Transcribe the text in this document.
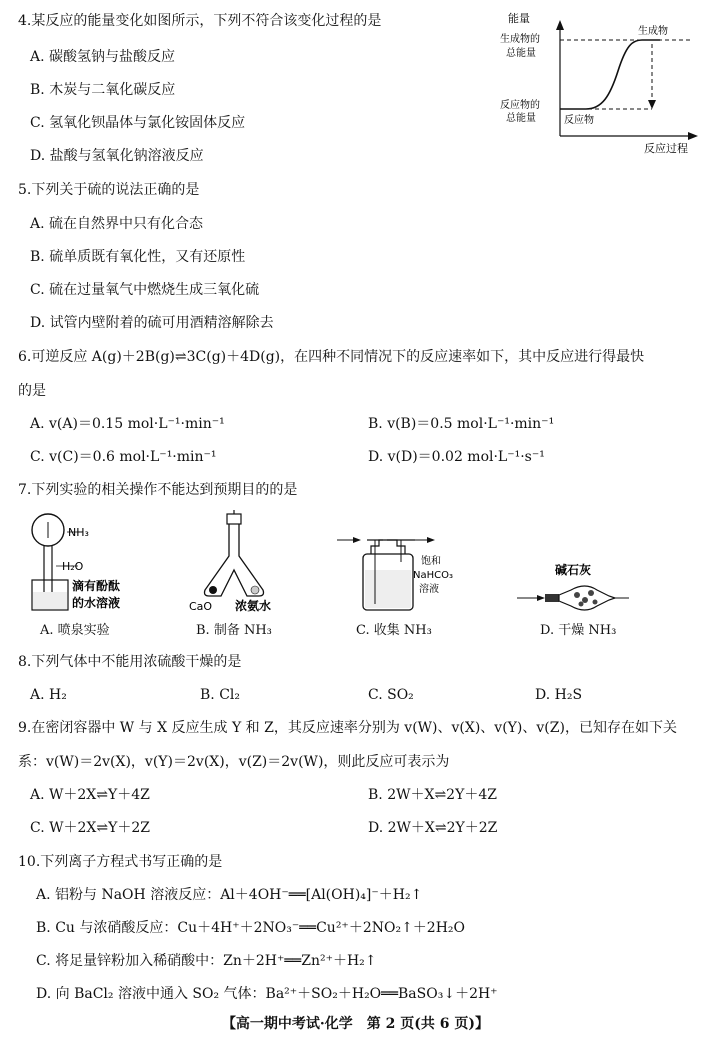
4.某反应的能量变化如图所示，下列不符合该变化过程的是
A. 碳酸氢钠与盐酸反应
B. 木炭与二氧化碳反应
C. 氢氧化钡晶体与氯化铵固体反应
D. 盐酸与氢氧化钠溶液反应
能量
生成物的
总能量
反应物的
总能量
生成物
反应物
反应过程
5.下列关于硫的说法正确的是
A. 硫在自然界中只有化合态
B. 硫单质既有氧化性，又有还原性
C. 硫在过量氧气中燃烧生成三氧化硫
D. 试管内壁附着的硫可用酒精溶解除去
6.可逆反应 A(g)＋2B(g)⇌3C(g)＋4D(g)，在四种不同情况下的反应速率如下，其中反应进行得最快
的是
A. v(A)＝0.15 mol·L⁻¹·min⁻¹	B. v(B)＝0.5 mol·L⁻¹·min⁻¹
C. v(C)＝0.6 mol·L⁻¹·min⁻¹	D. v(D)＝0.02 mol·L⁻¹·s⁻¹
7.下列实验的相关操作不能达到预期目的的是
NH₃
H₂O
滴有酚酞
的水溶液
A. 喷泉实验
CaO 浓氨水
B. 制备 NH₃
饱和
NaHCO₃
溶液
C. 收集 NH₃
碱石灰
D. 干燥 NH₃
8.下列气体中不能用浓硫酸干燥的是
A. H₂	B. Cl₂	C. SO₂	D. H₂S
9.在密闭容器中 W 与 X 反应生成 Y 和 Z，其反应速率分别为 v(W)、v(X)、v(Y)、v(Z)，已知存在如下关
系：v(W)＝2v(X)，v(Y)＝2v(X)，v(Z)＝2v(W)，则此反应可表示为
A. W＋2X⇌Y＋4Z	B. 2W＋X⇌2Y＋4Z
C. W＋2X⇌Y＋2Z	D. 2W＋X⇌2Y＋2Z
10.下列离子方程式书写正确的是
A. 铝粉与 NaOH 溶液反应：Al＋4OH⁻══[Al(OH)₄]⁻＋H₂↑
B. Cu 与浓硝酸反应：Cu＋4H⁺＋2NO₃⁻══Cu²⁺＋2NO₂↑＋2H₂O
C. 将足量锌粉加入稀硝酸中：Zn＋2H⁺══Zn²⁺＋H₂↑
D. 向 BaCl₂ 溶液中通入 SO₂ 气体：Ba²⁺＋SO₂＋H₂O══BaSO₃↓＋2H⁺
【高一期中考试·化学　第 2 页(共 6 页)】
